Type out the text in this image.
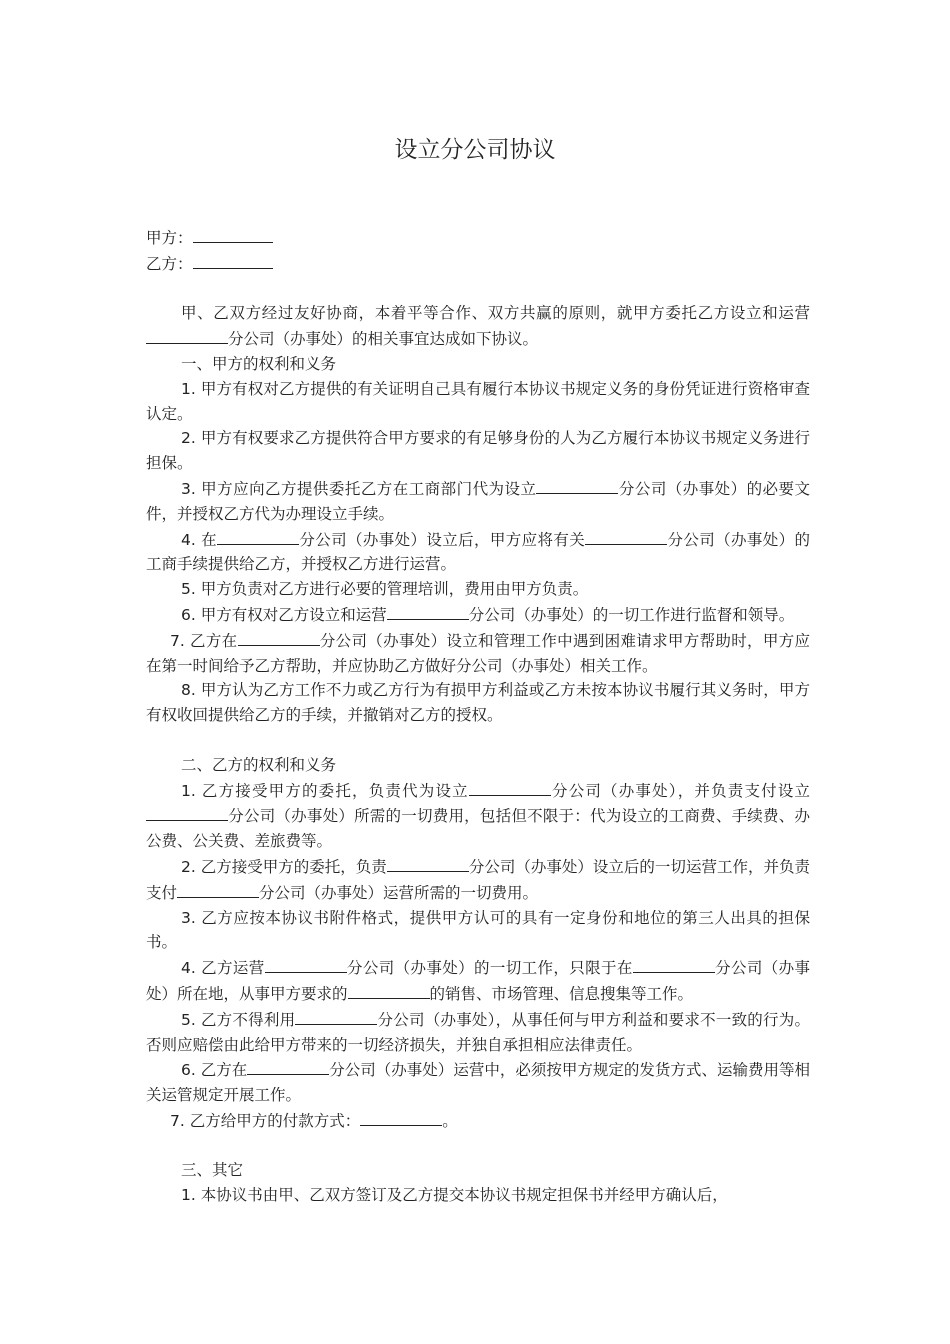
设立分公司协议

甲方：

乙方：

甲、乙双方经过友好协商，本着平等合作、双方共赢的原则，就甲方委托乙方设立和运营分公司（办事处）的相关事宜达成如下协议。

一、甲方的权利和义务

1. 甲方有权对乙方提供的有关证明自己具有履行本协议书规定义务的身份凭证进行资格审查认定。

2. 甲方有权要求乙方提供符合甲方要求的有足够身份的人为乙方履行本协议书规定义务进行担保。

3. 甲方应向乙方提供委托乙方在工商部门代为设立	分公司（办事处）的必要文件，并授权乙方代为办理设立手续。

4. 在	分公司（办事处）设立后，甲方应将有关	分公司（办事处）的工商手续提供给乙方，并授权乙方进行运营。

5. 甲方负责对乙方进行必要的管理培训，费用由甲方负责。

6. 甲方有权对乙方设立和运营	分公司（办事处）的一切工作进行监督和领导。

7. 乙方在	分公司（办事处）设立和管理工作中遇到困难请求甲方帮助时，甲方应在第一时间给予乙方帮助，并应协助乙方做好分公司（办事处）相关工作。

8. 甲方认为乙方工作不力或乙方行为有损甲方利益或乙方未按本协议书履行其义务时，甲方有权收回提供给乙方的手续，并撤销对乙方的授权。

二、乙方的权利和义务

1. 乙方接受甲方的委托，负责代为设立	分公司（办事处），并负责支付设立分公司（办事处）所需的一切费用，包括但不限于：代为设立的工商费、手续费、办公费、公关费、差旅费等。

2. 乙方接受甲方的委托，负责	分公司（办事处）设立后的一切运营工作，并负责支付	分公司（办事处）运营所需的一切费用。

3. 乙方应按本协议书附件格式，提供甲方认可的具有一定身份和地位的第三人出具的担保书。

4. 乙方运营	分公司（办事处）的一切工作，只限于在	分公司（办事处）所在地，从事甲方要求的	的销售、市场管理、信息搜集等工作。

5. 乙方不得利用	分公司（办事处），从事任何与甲方利益和要求不一致的行为。否则应赔偿由此给甲方带来的一切经济损失，并独自承担相应法律责任。

6. 乙方在	分公司（办事处）运营中，必须按甲方规定的发货方式、运输费用等相关运管规定开展工作。

7. 乙方给甲方的付款方式：	。

三、其它

1. 本协议书由甲、乙双方签订及乙方提交本协议书规定担保书并经甲方确认后，
